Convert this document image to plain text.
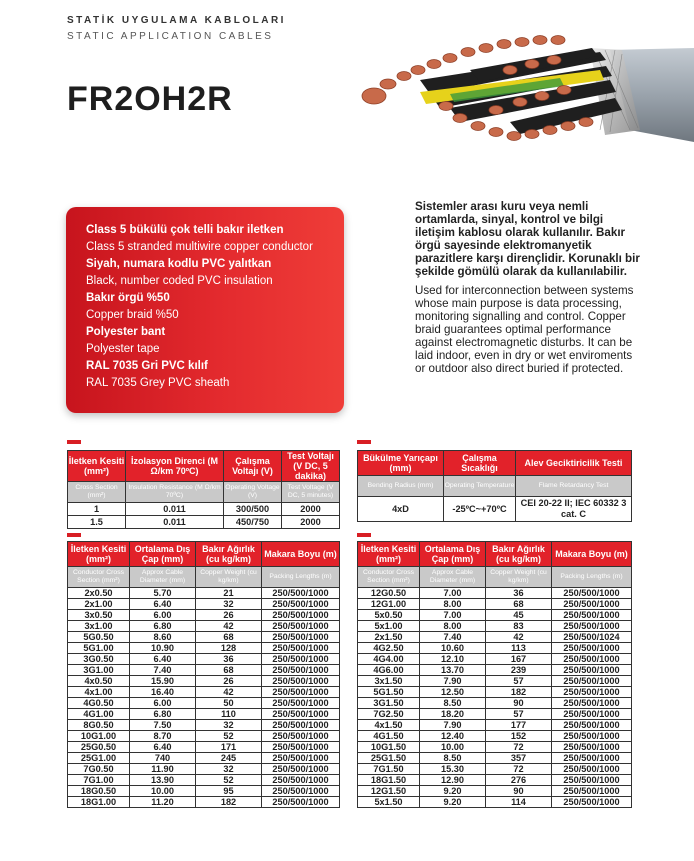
STATİK UYGULAMA KABLOLARI
STATIC APPLICATION CABLES
FR2OH2R
Class 5 bükülü çok telli bakır iletken
Class 5 stranded multiwire copper conductor
Siyah, numara kodlu PVC yalıtkan
Black, number coded PVC insulation
Bakır örgü %50
Copper braid %50
Polyester bant
Polyester tape
RAL 7035 Gri PVC kılıf
RAL 7035 Grey PVC sheath

Sistemler arası kuru veya nemli ortamlarda, sinyal, kontrol ve bilgi iletişim kablosu olarak kullanılır. Bakır örgü sayesinde elektromanyetik parazitlere karşı dirençlidir. Korunaklı bir şekilde gömülü olarak da kullanılabilir.

Used for interconnection between systems whose main purpose is data processing, monitoring signalling and control. Copper braid guarantees optimal performance against electromagnetic disturbs. It can be laid indoor, even in dry or wet enviroments or outdoor also direct buried if protected.

İletken Kesiti (mm²)	İzolasyon Direnci (M Ω/km 70ºC)	Çalışma Voltajı (V)	Test Voltajı (V DC, 5 dakika)
Cross Section (mm²)	Insulation Resistance (M Ω/km 70ºC)	Operating Voltage (V)	Test Voltage (V DC, 5 minutes)
1	0.011	300/500	2000
1.5	0.011	450/750	2000
Bükülme Yarıçapı (mm)	Çalışma Sıcaklığı	Alev Geciktiricilik Testi
Bending Radius (mm)	Operating Temperature	Flame Retardancy Test
4xD	-25ºC~+70ºC	CEI 20-22 II; IEC 60332 3 cat. C
İletken Kesiti (mm²)	Ortalama Dış Çap (mm)	Bakır Ağırlık (cu kg/km)	Makara Boyu (m)
Conductor Cross Section (mm²)	Approx Cable Diameter (mm)	Copper Weight (cu kg/km)	Packing Lengths (m)
2x0.50	5.70	21	250/500/1000
2x1.00	6.40	32	250/500/1000
3x0.50	6.00	26	250/500/1000
3x1.00	6.80	42	250/500/1000
5G0.50	8.60	68	250/500/1000
5G1.00	10.90	128	250/500/1000
3G0.50	6.40	36	250/500/1000
3G1.00	7.40	68	250/500/1000
4x0.50	15.90	26	250/500/1000
4x1.00	16.40	42	250/500/1000
4G0.50	6.00	50	250/500/1000
4G1.00	6.80	110	250/500/1000
8G0.50	7.50	32	250/500/1000
10G1.00	8.70	52	250/500/1000
25G0.50	6.40	171	250/500/1000
25G1.00	740	245	250/500/1000
7G0.50	11.90	32	250/500/1000
7G1.00	13.90	52	250/500/1000
18G0.50	10.00	95	250/500/1000
18G1.00	11.20	182	250/500/1000
İletken Kesiti (mm²)	Ortalama Dış Çap (mm)	Bakır Ağırlık (cu kg/km)	Makara Boyu (m)
Conductor Cross Section (mm²)	Approx Cable Diameter (mm)	Copper Weight (cu kg/km)	Packing Lengths (m)
12G0.50	7.00	36	250/500/1000
12G1.00	8.00	68	250/500/1000
5x0.50	7.00	45	250/500/1000
5x1.00	8.00	83	250/500/1000
2x1.50	7.40	42	250/500/1024
4G2.50	10.60	113	250/500/1000
4G4.00	12.10	167	250/500/1000
4G6.00	13.70	239	250/500/1000
3x1.50	7.90	57	250/500/1000
5G1.50	12.50	182	250/500/1000
3G1.50	8.50	90	250/500/1000
7G2.50	18.20	57	250/500/1000
4x1.50	7.90	177	250/500/1000
4G1.50	12.40	152	250/500/1000
10G1.50	10.00	72	250/500/1000
25G1.50	8.50	357	250/500/1000
7G1.50	15.30	72	250/500/1000
18G1.50	12.90	276	250/500/1000
12G1.50	9.20	90	250/500/1000
5x1.50	9.20	114	250/500/1000
